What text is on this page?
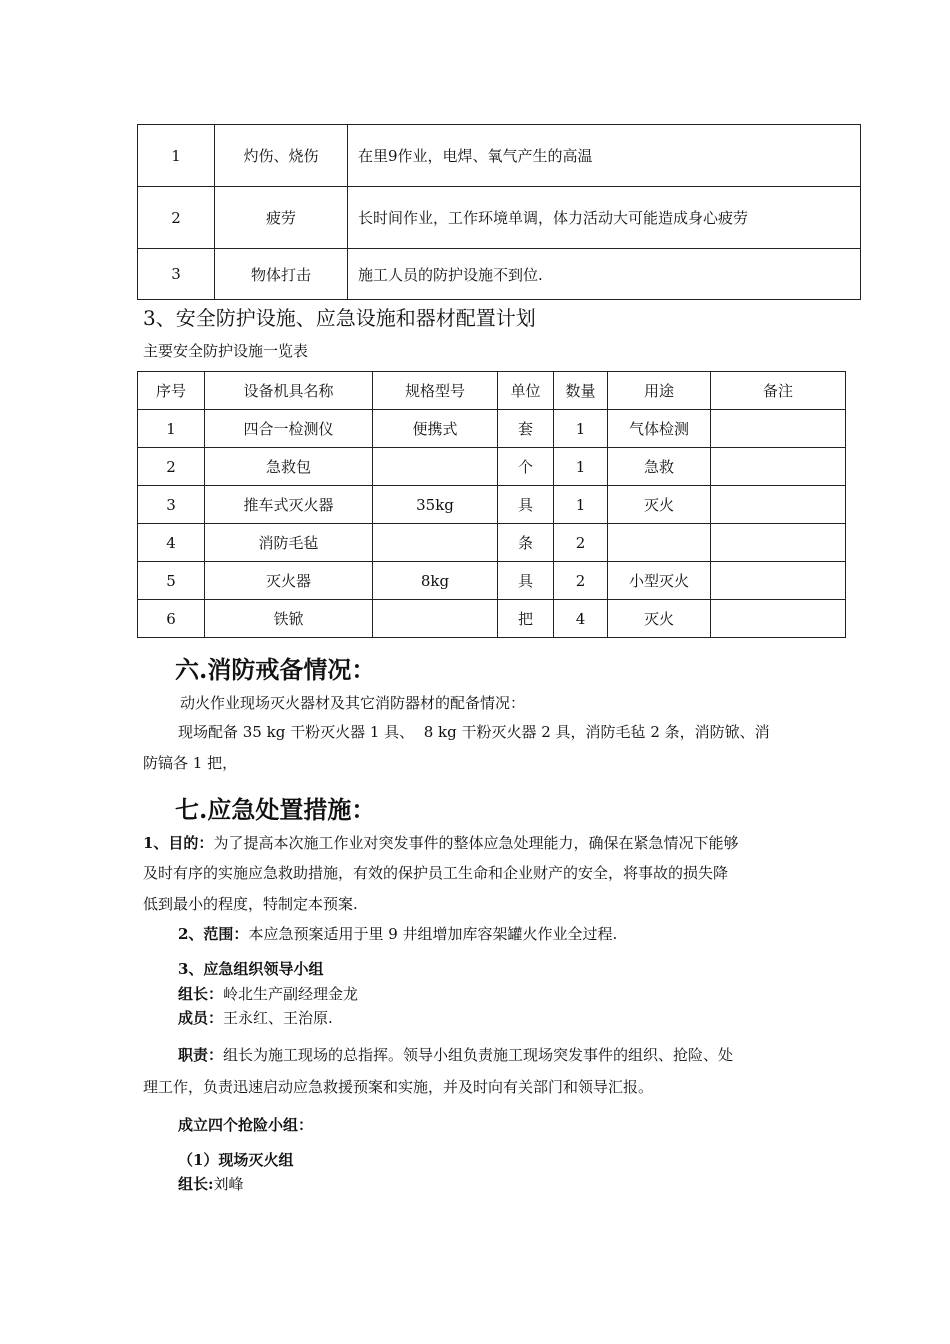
1	灼伤、烧伤	在里9作业，电焊、氧气产生的高温
2	疲劳	长时间作业，工作环境单调，体力活动大可能造成身心疲劳
3	物体打击	施工人员的防护设施不到位.
3、安全防护设施、应急设施和器材配置计划
主要安全防护设施一览表
序号	设备机具名称	规格型号	单位	数量	用途	备注
1	四合一检测仪	便携式	套	1	气体检测	
2	急救包		个	1	急救	
3	推车式灭火器	35kg	具	1	灭火	
4	消防毛毡		条	2		
5	灭火器	8kg	具	2	小型灭火	
6	铁锨		把	4	灭火	
六.消防戒备情况：
动火作业现场灭火器材及其它消防器材的配备情况：
现场配备 35 kg 干粉灭火器 1 具、  8 kg 干粉灭火器 2 具，消防毛毡 2 条，消防锨、消
防镐各 1 把，
七.应急处置措施：
1、目的：为了提高本次施工作业对突发事件的整体应急处理能力，确保在紧急情况下能够
及时有序的实施应急救助措施，有效的保护员工生命和企业财产的安全，将事故的损失降
低到最小的程度，特制定本预案.
2、范围：本应急预案适用于里 9 井组增加库容架罐火作业全过程.
3、应急组织领导小组
组长：岭北生产副经理金龙
成员：王永红、王治原.
职责：组长为施工现场的总指挥。领导小组负责施工现场突发事件的组织、抢险、处
理工作，负责迅速启动应急救援预案和实施，并及时向有关部门和领导汇报。
成立四个抢险小组：
（1）现场灭火组
组长:刘峰
